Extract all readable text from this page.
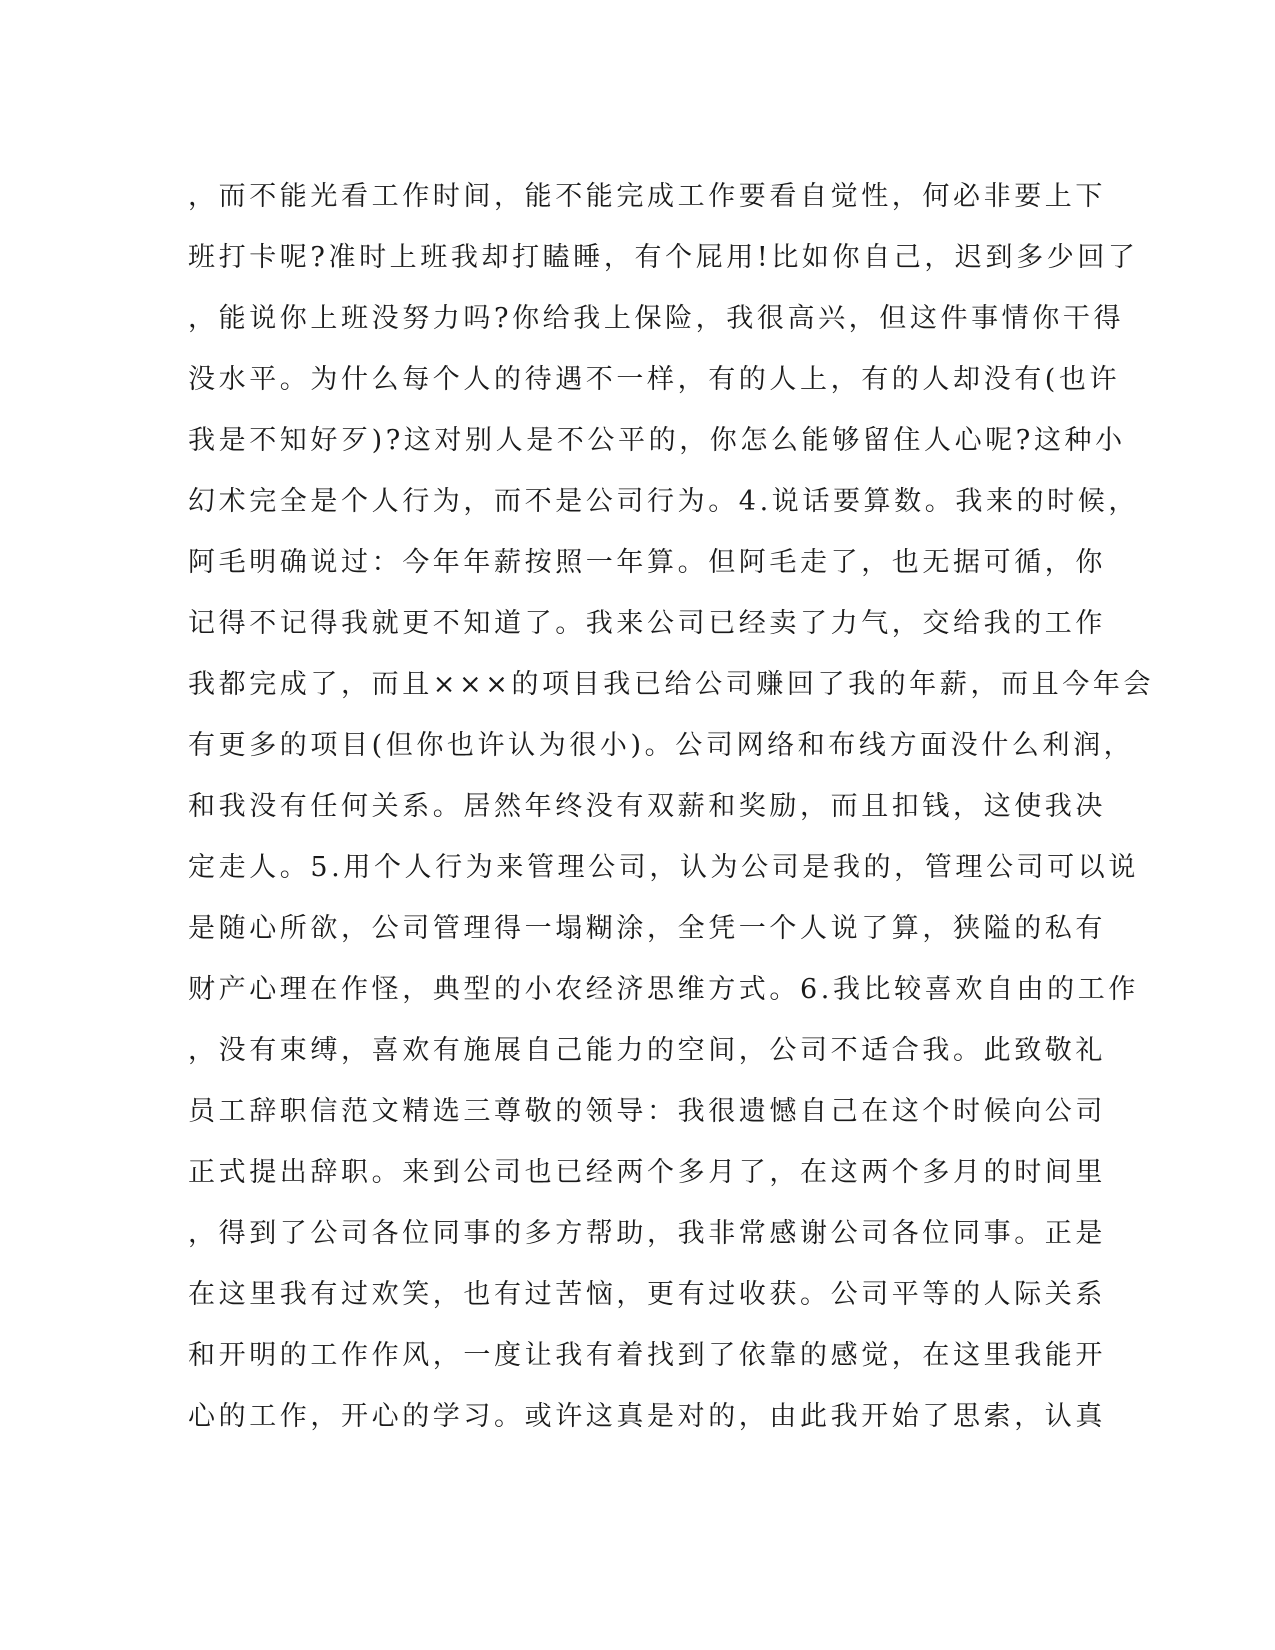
，而不能光看工作时间，能不能完成工作要看自觉性，何必非要上下
班打卡呢?准时上班我却打瞌睡，有个屁用!比如你自己，迟到多少回了
，能说你上班没努力吗?你给我上保险，我很高兴，但这件事情你干得
没水平。为什么每个人的待遇不一样，有的人上，有的人却没有(也许
我是不知好歹)?这对别人是不公平的，你怎么能够留住人心呢?这种小
幻术完全是个人行为，而不是公司行为。4.说话要算数。我来的时候，
阿毛明确说过：今年年薪按照一年算。但阿毛走了，也无据可循，你
记得不记得我就更不知道了。我来公司已经卖了力气，交给我的工作
我都完成了，而且×××的项目我已给公司赚回了我的年薪，而且今年会
有更多的项目(但你也许认为很小)。公司网络和布线方面没什么利润，
和我没有任何关系。居然年终没有双薪和奖励，而且扣钱，这使我决
定走人。5.用个人行为来管理公司，认为公司是我的，管理公司可以说
是随心所欲，公司管理得一塌糊涂，全凭一个人说了算，狭隘的私有
财产心理在作怪，典型的小农经济思维方式。6.我比较喜欢自由的工作
，没有束缚，喜欢有施展自己能力的空间，公司不适合我。此致敬礼
员工辞职信范文精选三尊敬的领导：我很遗憾自己在这个时候向公司
正式提出辞职。来到公司也已经两个多月了，在这两个多月的时间里
，得到了公司各位同事的多方帮助，我非常感谢公司各位同事。正是
在这里我有过欢笑，也有过苦恼，更有过收获。公司平等的人际关系
和开明的工作作风，一度让我有着找到了依靠的感觉，在这里我能开
心的工作，开心的学习。或许这真是对的，由此我开始了思索，认真
